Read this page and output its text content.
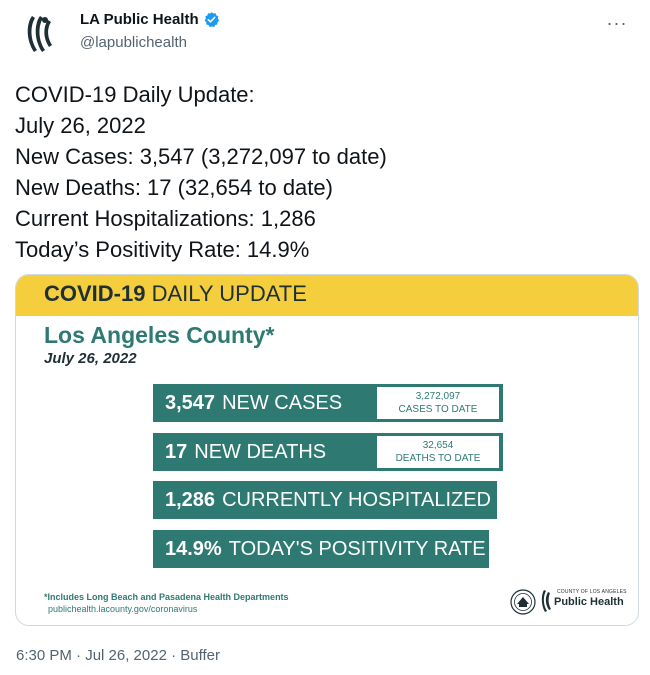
LA Public Health
@lapublichealth
···
COVID-19 Daily Update:
July 26, 2022
New Cases: 3,547 (3,272,097 to date)
New Deaths: 17 (32,654 to date)
Current Hospitalizations: 1,286
Today’s Positivity Rate: 14.9%
COVID-19 DAILY UPDATE
Los Angeles County*
July 26, 2022
3,547 NEW CASES	3,272,097
CASES TO DATE
17 NEW DEATHS	32,654
DEATHS TO DATE
1,286 CURRENTLY HOSPITALIZED
14.9% TODAY'S POSITIVITY RATE
*Includes Long Beach and Pasadena Health Departments
publichealth.lacounty.gov/coronavirus
COUNTY OF LOS ANGELES
Public Health
6:30 PM · Jul 26, 2022 · Buffer
